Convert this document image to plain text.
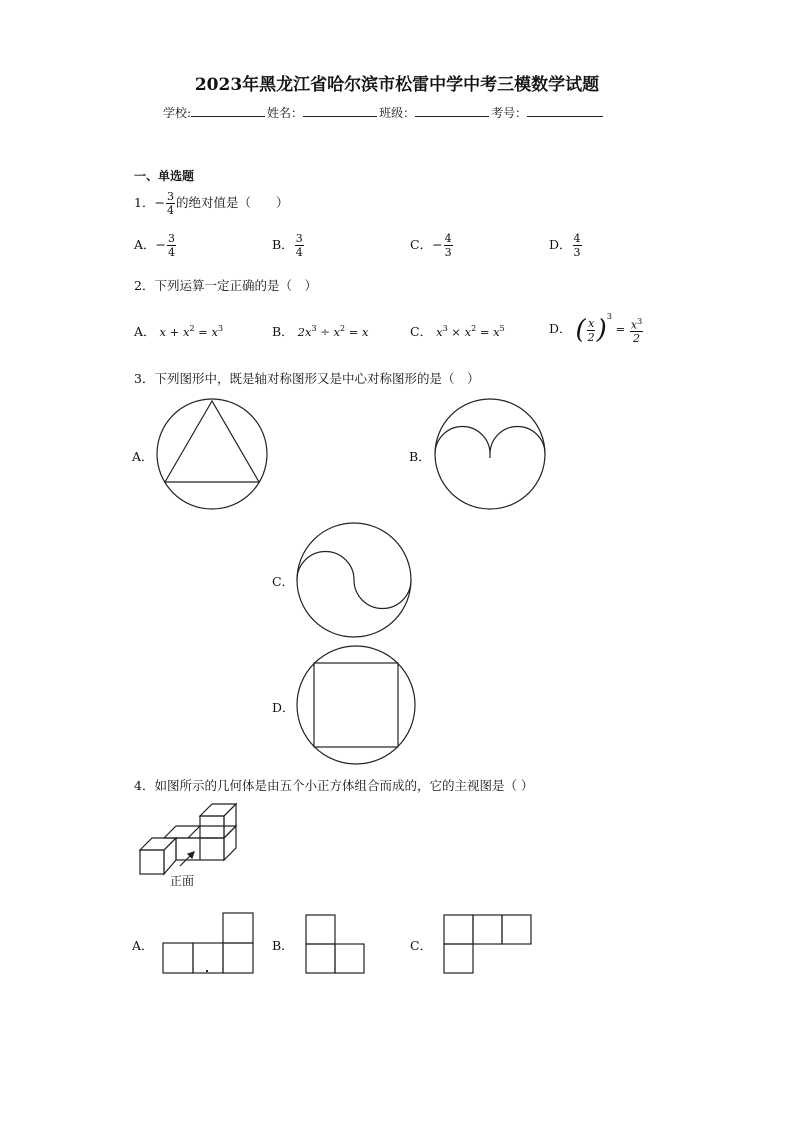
2023年黑龙江省哈尔滨市松雷中学中考三模数学试题
学校:	姓名：	班级：	考号：
一、单选题
1．− $\frac{3}{4}$ 的绝对值是（　　）
A．− $\frac{3}{4}$	B． $\frac{3}{4}$	C．− $\frac{4}{3}$	D． $\frac{4}{3}$
2．下列运算一定正确的是（　）
A． $x + x^2 = x^3$	B． $2x^3 \div x^2 = x$	C． $x^3 \times x^2 = x^5$	D． ( $\frac{x}{2} )^3 = \frac{x^3}{2}$
3．下列图形中，既是轴对称图形又是中心对称图形的是（　）
A．	B．
C．
D．
4．如图所示的几何体是由五个小正方体组合而成的，它的主视图是（ ）
正面
A．	B．	C．
